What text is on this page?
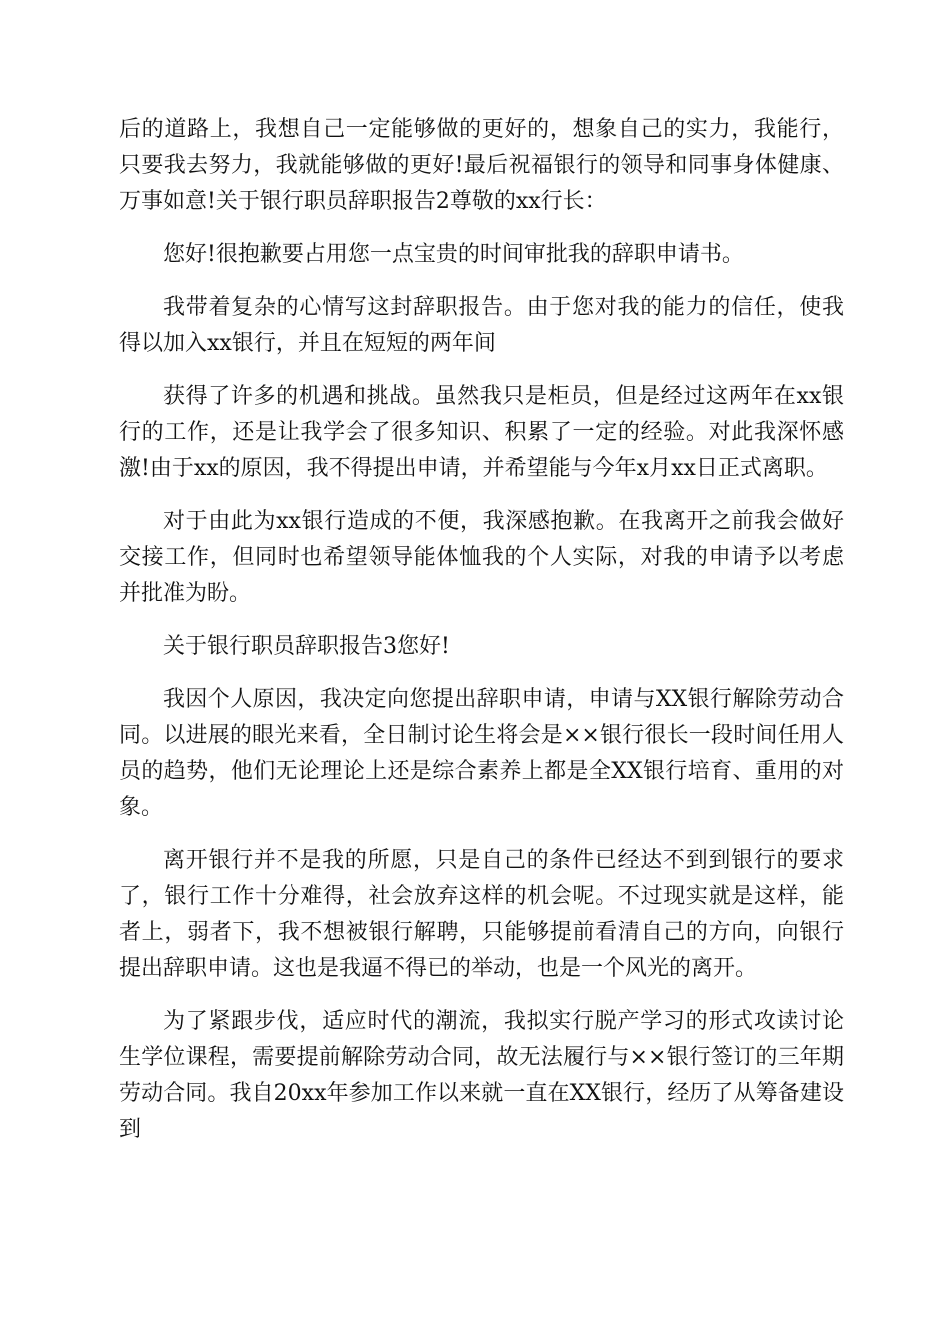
后的道路上，我想自己一定能够做的更好的，想象自己的实力，我能行，只要我去努力，我就能够做的更好!最后祝福银行的领导和同事身体健康、万事如意!关于银行职员辞职报告2尊敬的xx行长：

您好!很抱歉要占用您一点宝贵的时间审批我的辞职申请书。

我带着复杂的心情写这封辞职报告。由于您对我的能力的信任，使我得以加入xx银行，并且在短短的两年间

获得了许多的机遇和挑战。虽然我只是柜员，但是经过这两年在xx银行的工作，还是让我学会了很多知识、积累了一定的经验。对此我深怀感激!由于xx的原因，我不得提出申请，并希望能与今年x月xx日正式离职。

对于由此为xx银行造成的不便，我深感抱歉。在我离开之前我会做好交接工作，但同时也希望领导能体恤我的个人实际，对我的申请予以考虑并批准为盼。

关于银行职员辞职报告3您好!

我因个人原因，我决定向您提出辞职申请，申请与XX银行解除劳动合同。以进展的眼光来看，全日制讨论生将会是××银行很长一段时间任用人员的趋势，他们无论理论上还是综合素养上都是全XX银行培育、重用的对象。

离开银行并不是我的所愿，只是自己的条件已经达不到到银行的要求了，银行工作十分难得，社会放弃这样的机会呢。不过现实就是这样，能者上，弱者下，我不想被银行解聘，只能够提前看清自己的方向，向银行提出辞职申请。这也是我逼不得已的举动，也是一个风光的离开。

为了紧跟步伐，适应时代的潮流，我拟实行脱产学习的形式攻读讨论生学位课程，需要提前解除劳动合同，故无法履行与××银行签订的三年期劳动合同。我自20xx年参加工作以来就一直在XX银行，经历了从筹备建设到
